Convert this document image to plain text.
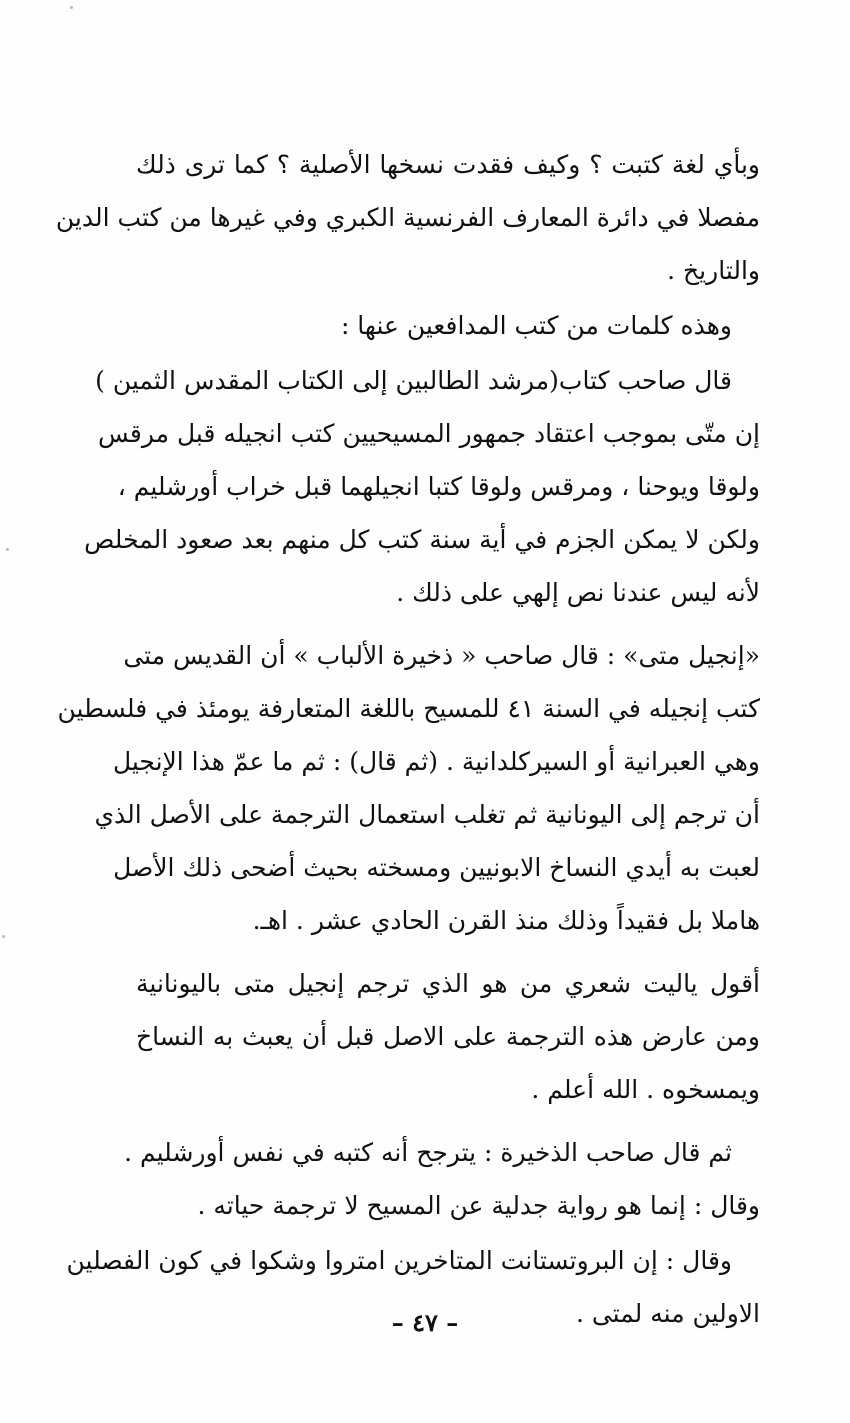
وبأي لغة كتبت ؟ وكيف فقدت نسخها الأصلية ؟ كما ترى ذلك
مفصلا في دائرة المعارف الفرنسية الكبري وفي غيرها من كتب الدين
والتاريخ .
وهذه كلمات من كتب المدافعين عنها :
قال صاحب كتاب(مرشد الطالبين إلى الكتاب المقدس الثمين )
إن متّى بموجب اعتقاد جمهور المسيحيين كتب انجيله قبل مرقس
ولوقا ويوحنا ، ومرقس ولوقا كتبا انجيلهما قبل خراب أورشليم ،
ولكن لا يمكن الجزم في أية سنة كتب كل منهم بعد صعود المخلص
لأنه ليس عندنا نص إلهي على ذلك .
«إنجيل متى» : قال صاحب « ذخيرة الألباب » أن القديس متى
كتب إنجيله في السنة ٤١ للمسيح باللغة المتعارفة يومئذ في فلسطين
وهي العبرانية أو السيركلدانية . (ثم قال) : ثم ما عمّ هذا الإنجيل
أن ترجم إلى اليونانية ثم تغلب استعمال الترجمة على الأصل الذي
لعبت به أيدي النساخ الابونيين ومسخته بحيث أضحى ذلك الأصل
هاملا بل فقيداً وذلك منذ القرن الحادي عشر . اهـ.
أقول ياليت شعري من هو الذي ترجم إنجيل متى باليونانية
ومن عارض هذه الترجمة على الاصل قبل أن يعبث به النساخ
ويمسخوه . الله أعلم .
ثم قال صاحب الذخيرة : يترجح أنه كتبه في نفس أورشليم .
وقال : إنما هو رواية جدلية عن المسيح لا ترجمة حياته .
وقال : إن البروتستانت المتاخرين امتروا وشكوا في كون الفصلين
الاولين منه لمتى .
– ٤٧ –
